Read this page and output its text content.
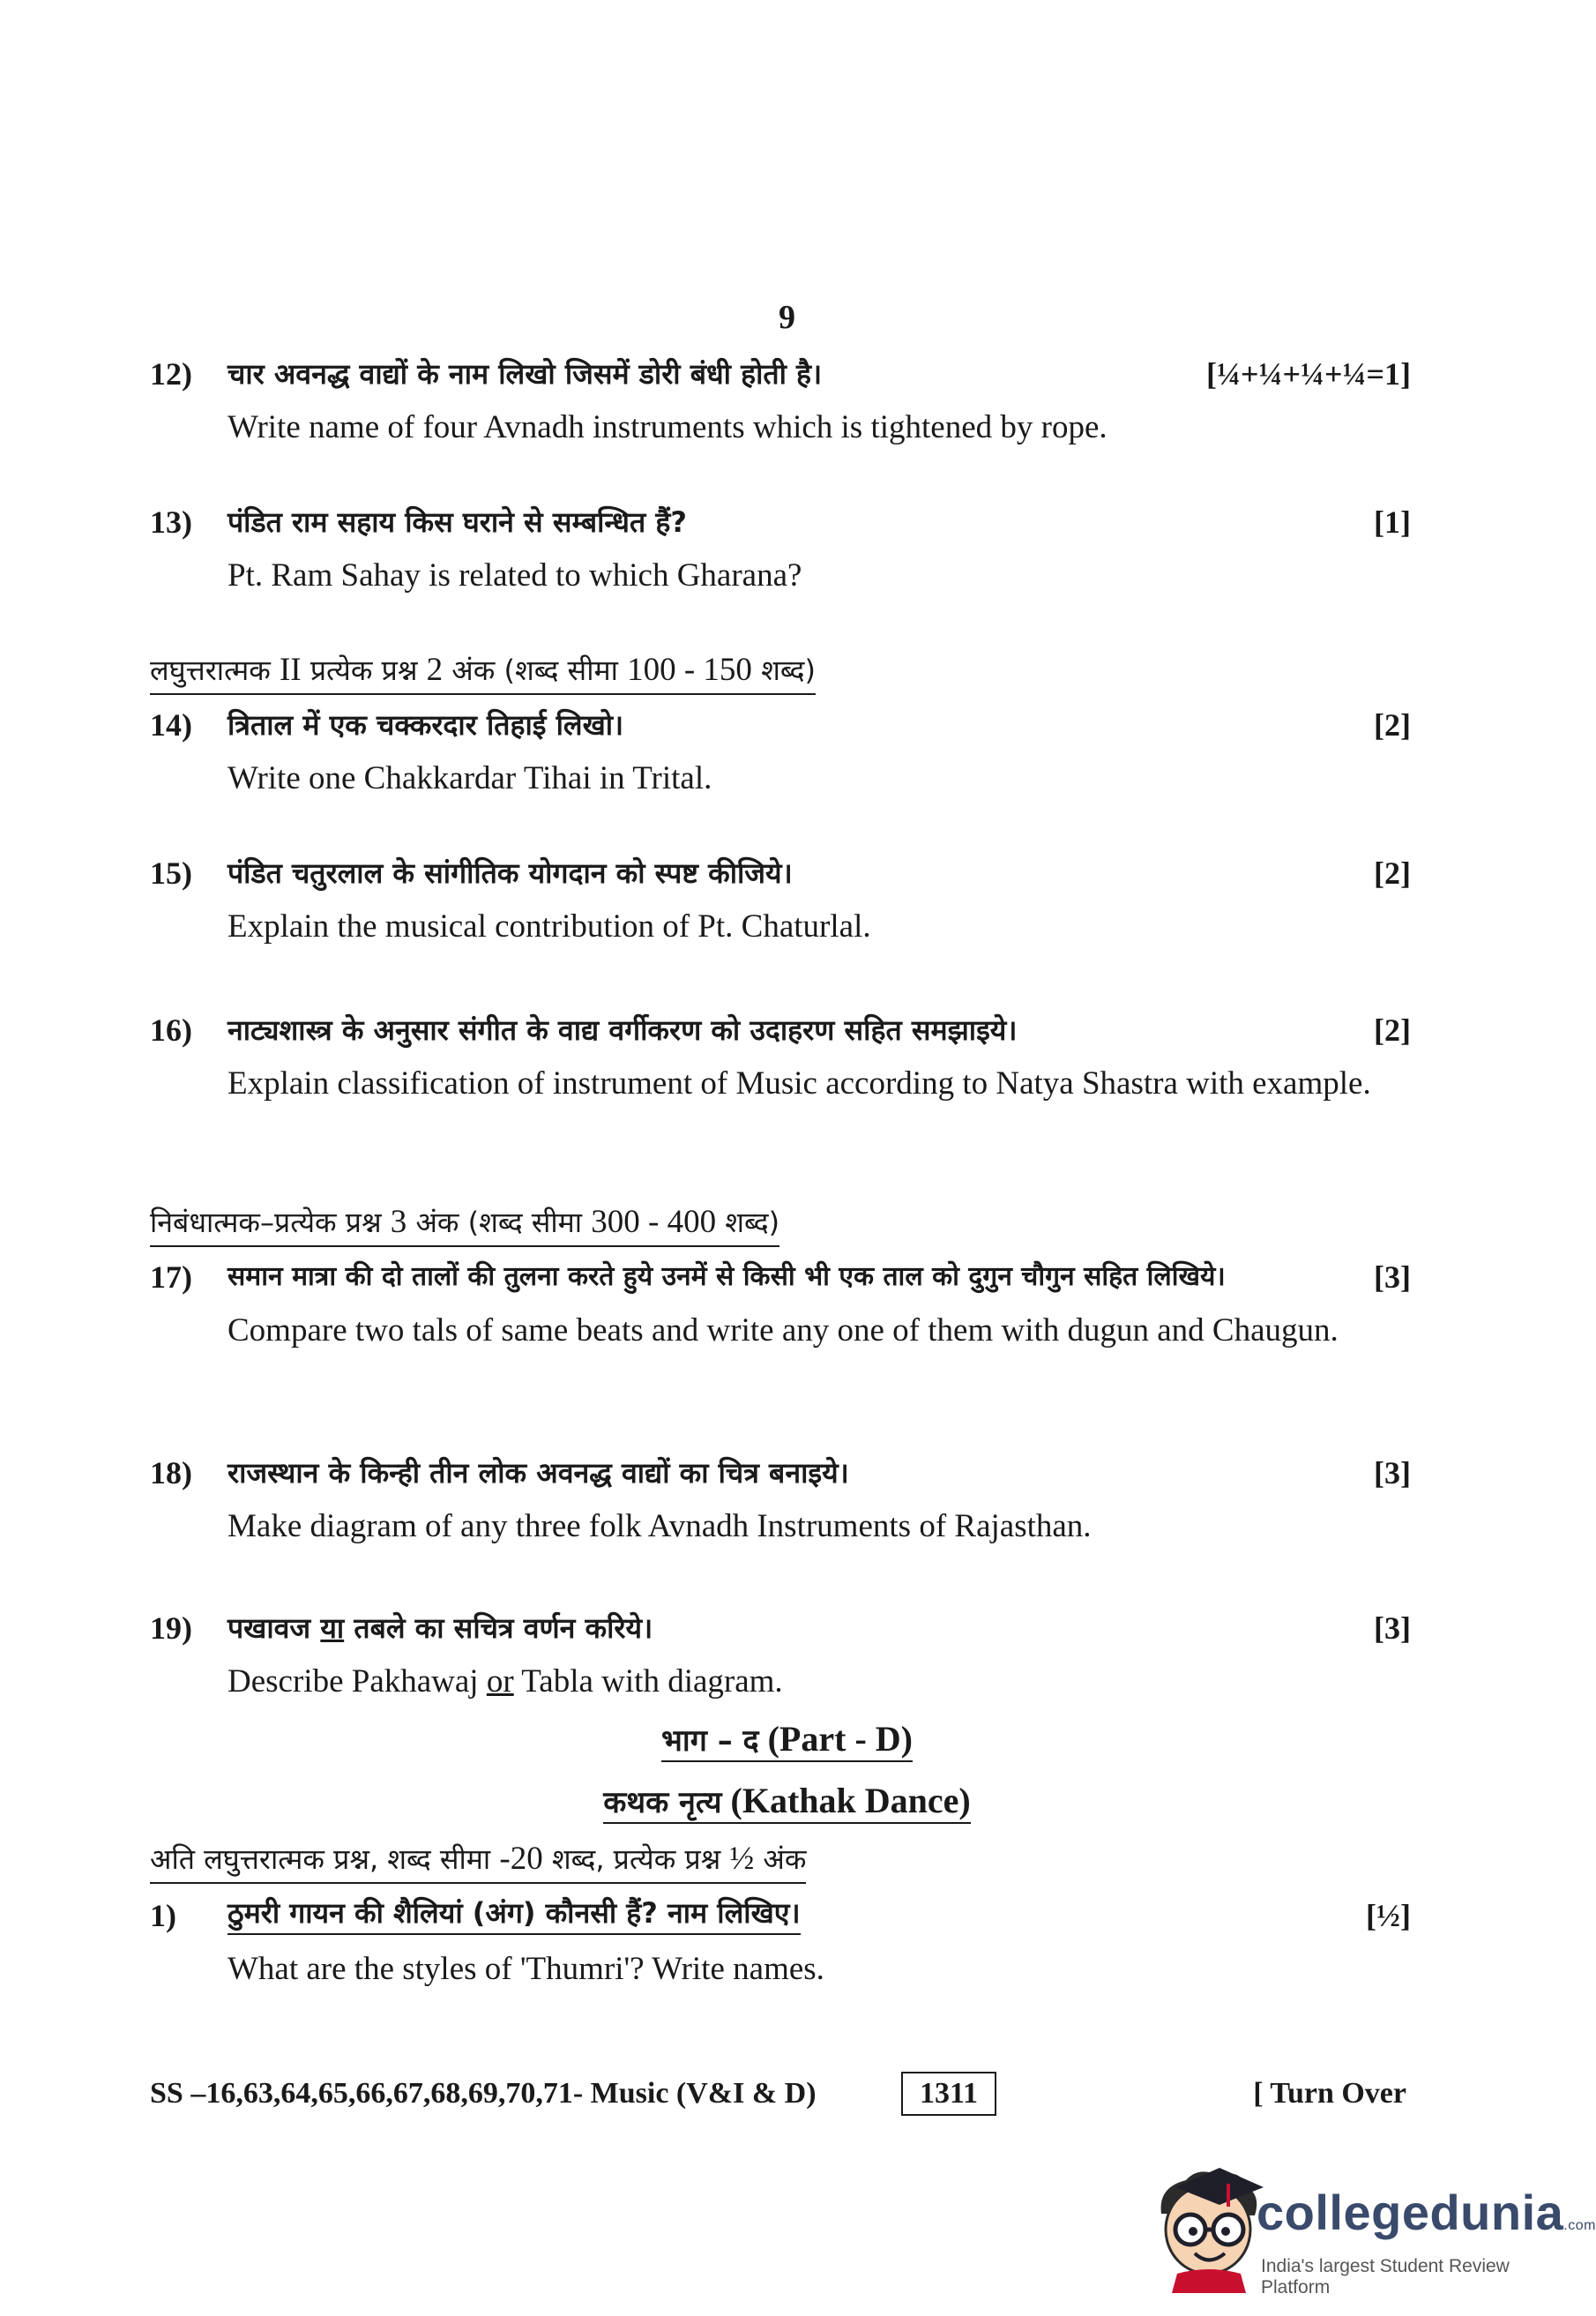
9
12) चार अवनद्ध वाद्यों के नाम लिखो जिसमें डोरी बंधी होती है।	[¼+¼+¼+¼=1]
Write name of four Avnadh instruments which is tightened by rope.
13) पंडित राम सहाय किस घराने से सम्बन्धित हैं?	[1]
Pt. Ram Sahay is related to which Gharana?
लघुत्तरात्मक II प्रत्येक प्रश्न 2 अंक (शब्द सीमा 100 - 150 शब्द)
14) त्रिताल में एक चक्करदार तिहाई लिखो।	[2]
Write one Chakkardar Tihai in Trital.
15) पंडित चतुरलाल के सांगीतिक योगदान को स्पष्ट कीजिये।	[2]
Explain the musical contribution of Pt. Chaturlal.
16) नाट्यशास्त्र के अनुसार संगीत के वाद्य वर्गीकरण को उदाहरण सहित समझाइये।	[2]
Explain classification of instrument of Music according to Natya Shastra with example.
निबंधात्मक–प्रत्येक प्रश्न 3 अंक (शब्द सीमा 300 - 400 शब्द)
17) समान मात्रा की दो तालों की तुलना करते हुये उनमें से किसी भी एक ताल को दुगुन चौगुन सहित लिखिये।	[3]
Compare two tals of same beats and write any one of them with dugun and Chaugun.
18) राजस्थान के किन्ही तीन लोक अवनद्ध वाद्यों का चित्र बनाइये।	[3]
Make diagram of any three folk Avnadh Instruments of Rajasthan.
19) पखावज या तबले का सचित्र वर्णन करिये।	[3]
Describe Pakhawaj or Tabla with diagram.
भाग – द (Part - D)
कथक नृत्य (Kathak Dance)
अति लघुत्तरात्मक प्रश्न, शब्द सीमा -20 शब्द, प्रत्येक प्रश्न ½ अंक
1) ठुमरी गायन की शैलियां (अंग) कौनसी हैं? नाम लिखिए।	[½]
What are the styles of 'Thumri'? Write names.
SS –16,63,64,65,66,67,68,69,70,71- Music (V&I & D)	1311	[ Turn Over
collegedunia.com
India's largest Student Review Platform
